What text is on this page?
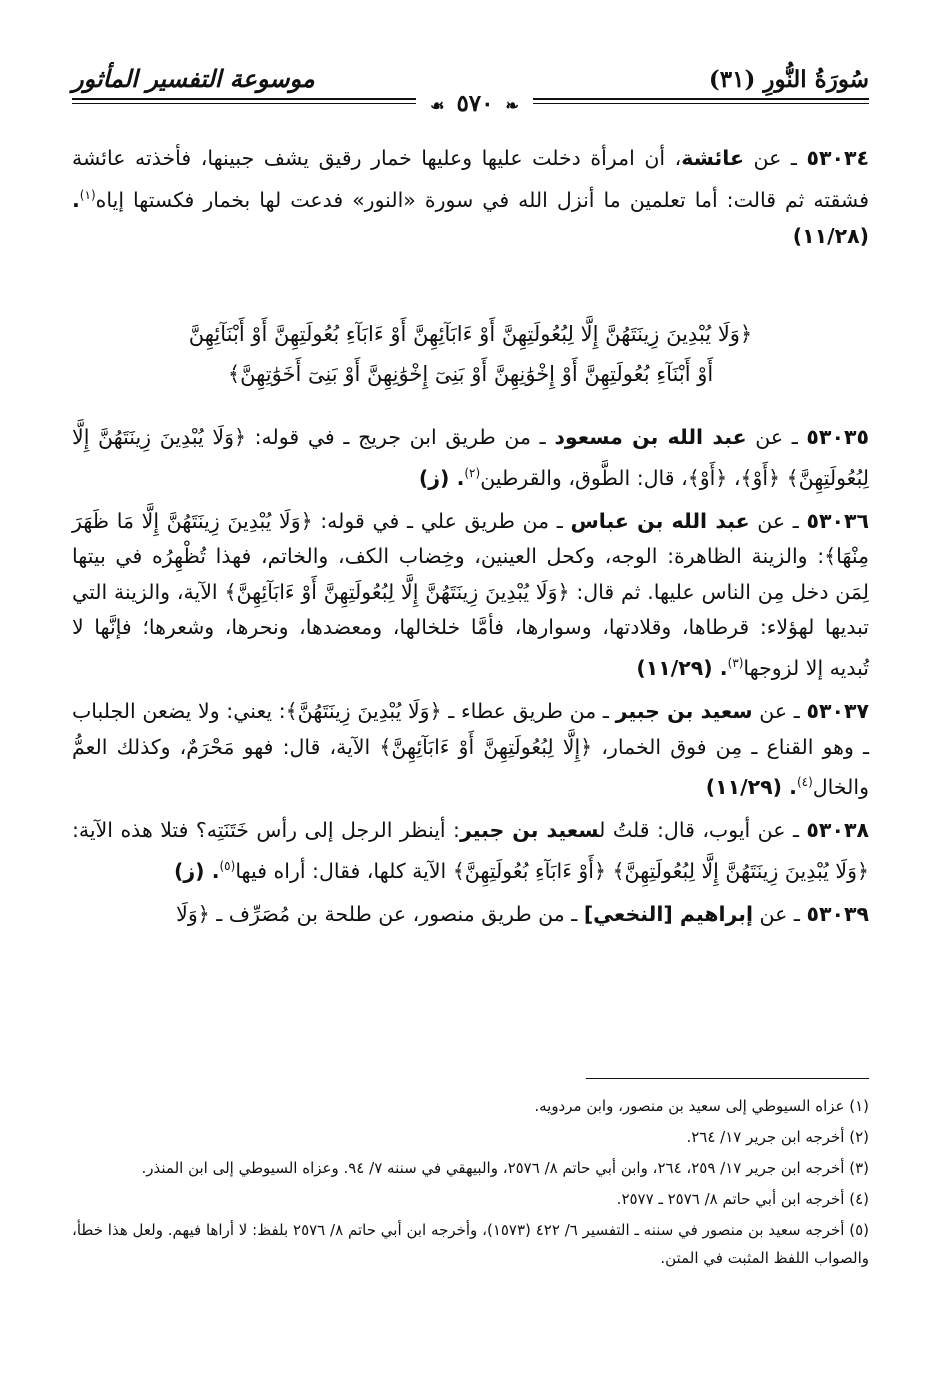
سُورَةُ النُّورِ (٣١)
موسوعة التفسير المأثور
❧ ٥٧٠ ☙

٥٣٠٣٤ ـ عن عائشة، أن امرأة دخلت عليها وعليها خمار رقيق يشف جبينها، فأخذته عائشة فشقته ثم قالت: أما تعلمين ما أنزل الله في سورة «النور» فدعت لها بخمار فكستها إياه$^{(١)}$. (١١/٢٨)

﴿وَلَا يُبْدِينَ زِينَتَهُنَّ إِلَّا لِبُعُولَتِهِنَّ أَوْ ءَابَآئِهِنَّ أَوْ ءَابَآءِ بُعُولَتِهِنَّ أَوْ أَبْنَآئِهِنَّ
أَوْ أَبْنَآءِ بُعُولَتِهِنَّ أَوْ إِخْوَٰنِهِنَّ أَوْ بَنِىٓ إِخْوَٰنِهِنَّ أَوْ بَنِىٓ أَخَوَٰتِهِنَّ﴾

٥٣٠٣٥ ـ عن عبد الله بن مسعود ـ من طريق ابن جريج ـ في قوله: ﴿وَلَا يُبْدِينَ زِينَتَهُنَّ إِلَّا لِبُعُولَتِهِنَّ﴾ ﴿أَوْ﴾، ﴿أَوْ﴾، قال: الطَّوق، والقرطين$^{(٢)}$. (ز)

٥٣٠٣٦ ـ عن عبد الله بن عباس ـ من طريق علي ـ في قوله: ﴿وَلَا يُبْدِينَ زِينَتَهُنَّ إِلَّا مَا ظَهَرَ مِنْهَا﴾: والزينة الظاهرة: الوجه، وكحل العينين، وخِضاب الكف، والخاتم، فهذا تُظْهِرُه في بيتها لِمَن دخل مِن الناس عليها. ثم قال: ﴿وَلَا يُبْدِينَ زِينَتَهُنَّ إِلَّا لِبُعُولَتِهِنَّ أَوْ ءَابَآئِهِنَّ﴾ الآية، والزينة التي تبديها لهؤلاء: قرطاها، وقلادتها، وسوارها، فأمَّا خلخالها، ومعضدها، ونحرها، وشعرها؛ فإنَّها لا تُبديه إلا لزوجها$^{(٣)}$. (١١/٢٩)

٥٣٠٣٧ ـ عن سعيد بن جبير ـ من طريق عطاء ـ ﴿وَلَا يُبْدِينَ زِينَتَهُنَّ﴾: يعني: ولا يضعن الجلباب ـ وهو القناع ـ مِن فوق الخمار، ﴿إِلَّا لِبُعُولَتِهِنَّ أَوْ ءَابَآئِهِنَّ﴾ الآية، قال: فهو مَحْرَمٌ، وكذلك العمُّ والخال$^{(٤)}$. (١١/٢٩)

٥٣٠٣٨ ـ عن أيوب، قال: قلتُ لسعيد بن جبير: أينظر الرجل إلى رأس خَتَنَتِه؟ فتلا هذه الآية: ﴿وَلَا يُبْدِينَ زِينَتَهُنَّ إِلَّا لِبُعُولَتِهِنَّ﴾ ﴿أَوْ ءَابَآءِ بُعُولَتِهِنَّ﴾ الآية كلها، فقال: أراه فيها$^{(٥)}$. (ز)

٥٣٠٣٩ ـ عن إبراهيم [النخعي] ـ من طريق منصور، عن طلحة بن مُصَرِّف ـ ﴿وَلَا

(١) عزاه السيوطي إلى سعيد بن منصور، وابن مردويه.

(٢) أخرجه ابن جرير ١٧/ ٢٦٤.

(٣) أخرجه ابن جرير ١٧/ ٢٥٩، ٢٦٤، وابن أبي حاتم ٨/ ٢٥٧٦، والبيهقي في سننه ٧/ ٩٤. وعزاه السيوطي إلى ابن المنذر.

(٤) أخرجه ابن أبي حاتم ٨/ ٢٥٧٦ ـ ٢٥٧٧.

(٥) أخرجه سعيد بن منصور في سننه ـ التفسير ٦/ ٤٢٢ (١٥٧٣)، وأخرجه ابن أبي حاتم ٨/ ٢٥٧٦ بلفظ: لا أراها فيهم. ولعل هذا خطأ، والصواب اللفظ المثبت في المتن.
